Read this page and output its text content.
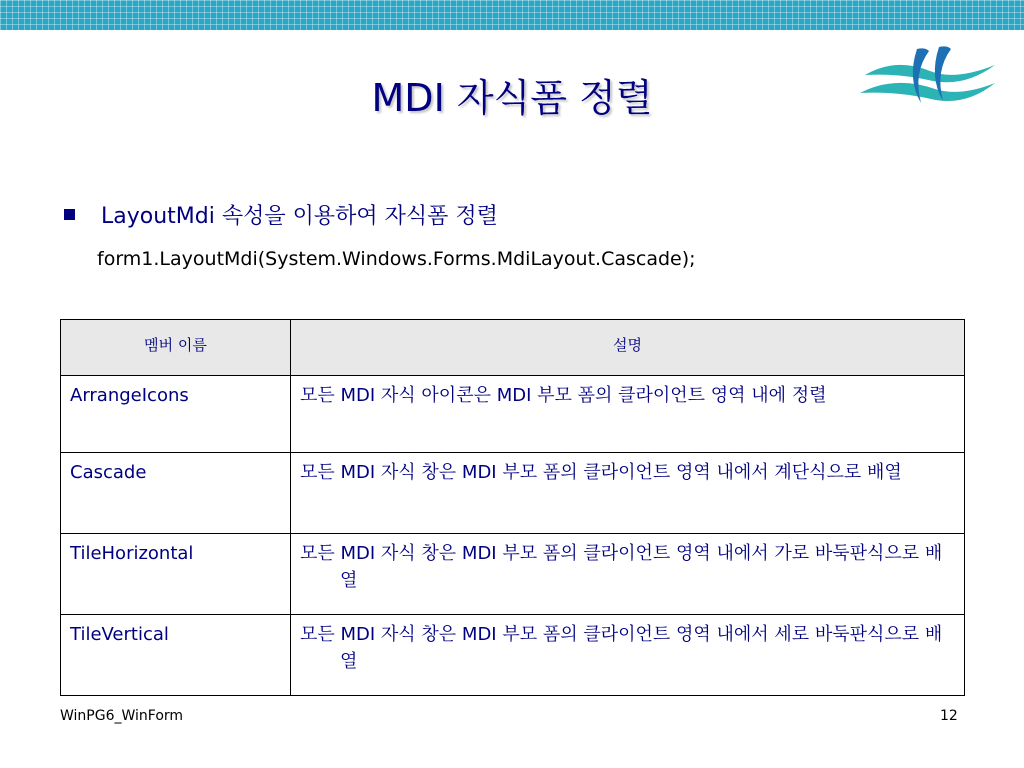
MDI 자식폼 정렬
LayoutMdi 속성을 이용하여 자식폼 정렬
form1.LayoutMdi(System.Windows.Forms.MdiLayout.Cascade);
멤버 이름	설명
ArrangeIcons	모든 MDI 자식 아이콘은 MDI 부모 폼의 클라이언트 영역 내에 정렬

Cascade	모든 MDI 자식 창은 MDI 부모 폼의 클라이언트 영역 내에서 계단식으로 배열

TileHorizontal	모든 MDI 자식 창은 MDI 부모 폼의 클라이언트 영역 내에서 가로 바둑판식으로 배열

TileVertical	모든 MDI 자식 창은 MDI 부모 폼의 클라이언트 영역 내에서 세로 바둑판식으로 배열
WinPG6_WinForm	12
